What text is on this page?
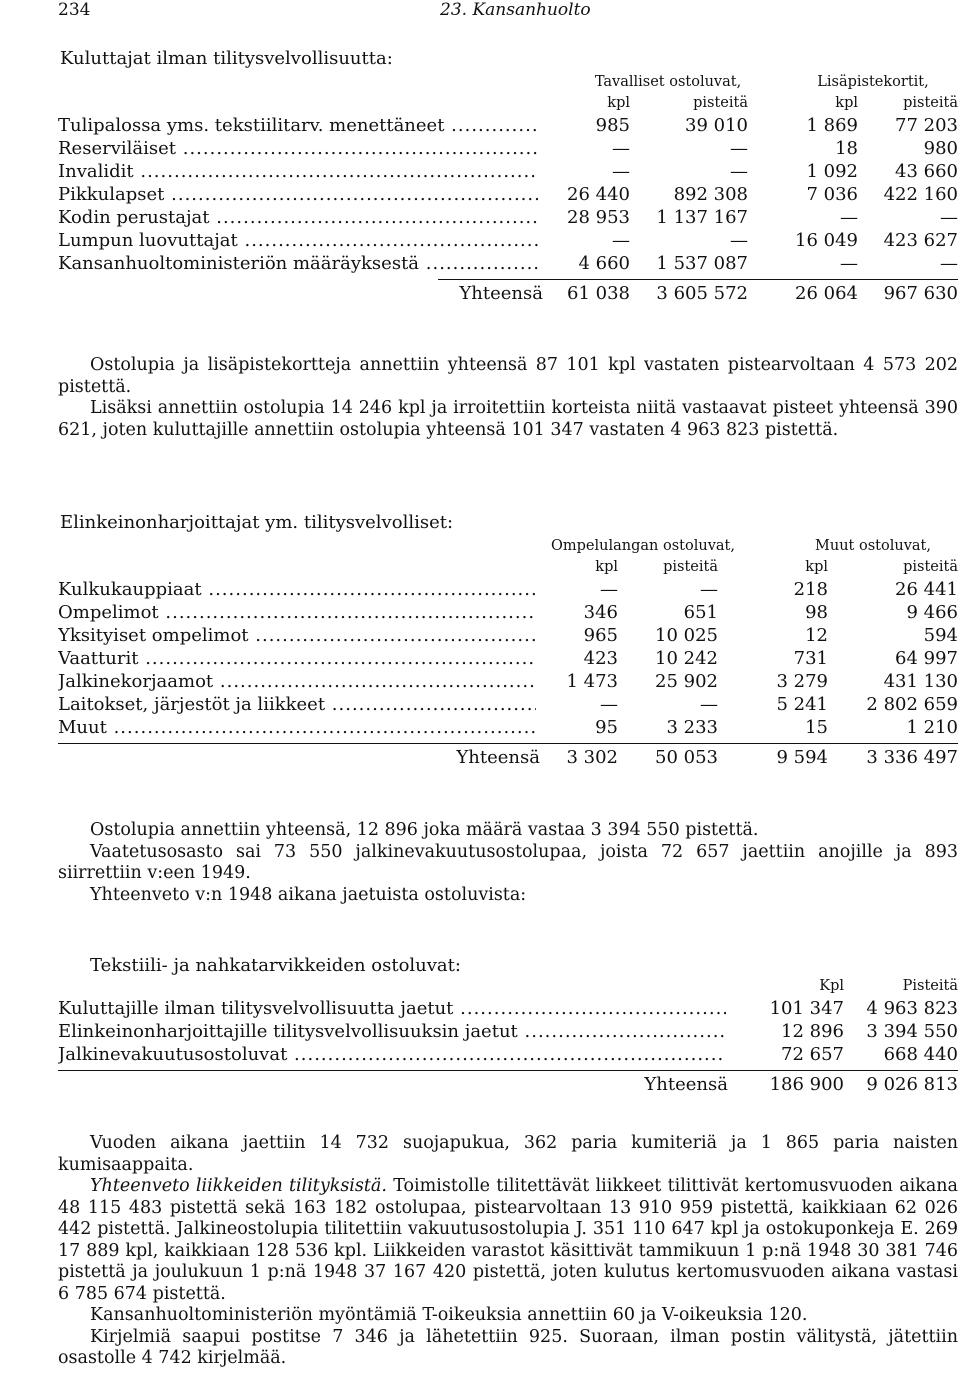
234	23. Kansanhuolto
Kuluttajat ilman tilitysvelvollisuutta:
Tavalliset ostoluvat,	Lisäpistekortit,
kpl	pisteitä	kpl	pisteitä
Tulipalossa yms. tekstiilitarv. menettäneet .....	985	39 010	1 869	77 203
Reserviläiset .....	—	—	18	980
Invalidit .....	—	—	1 092	43 660
Pikkulapset .....	26 440	892 308	7 036	422 160
Kodin perustajat .....	28 953	1 137 167	—	—
Lumpun luovuttajat .....	—	—	16 049	423 627
Kansanhuoltoministeriön määräyksestä .....	4 660	1 537 087	—	—
Yhteensä	61 038	3 605 572	26 064	967 630

Ostolupia ja lisäpistekortteja annettiin yhteensä 87 101 kpl vastaten pistearvoltaan 4 573 202 pistettä.

Lisäksi annettiin ostolupia 14 246 kpl ja irroitettiin korteista niitä vastaavat pisteet yhteensä 390 621, joten kuluttajille annettiin ostolupia yhteensä 101 347 vastaten 4 963 823 pistettä.

Elinkeinonharjoittajat ym. tilitysvelvolliset:
Ompelulangan ostoluvat,	Muut ostoluvat,
kpl	pisteitä	kpl	pisteitä
Kulkukauppiaat .....	—	—	218	26 441
Ompelimot .....	346	651	98	9 466
Yksityiset ompelimot .....	965	10 025	12	594
Vaatturit .....	423	10 242	731	64 997
Jalkinekorjaamot .....	1 473	25 902	3 279	431 130
Laitokset, järjestöt ja liikkeet .....	—	—	5 241	2 802 659
Muut .....	95	3 233	15	1 210
Yhteensä	3 302	50 053	9 594	3 336 497

Ostolupia annettiin yhteensä, 12 896 joka määrä vastaa 3 394 550 pistettä.

Vaatetusosasto sai 73 550 jalkinevakuutusostolupaa, joista 72 657 jaettiin anojille ja 893 siirrettiin v:een 1949.

Yhteenveto v:n 1948 aikana jaetuista ostoluvista:

Tekstiili- ja nahkatarvikkeiden ostoluvat:
Kpl	Pisteitä
Kuluttajille ilman tilitysvelvollisuutta jaetut .....	101 347	4 963 823
Elinkeinonharjoittajille tilitysvelvollisuuksin jaetut .....	12 896	3 394 550
Jalkinevakuutusostoluvat .....	72 657	668 440
Yhteensä	186 900	9 026 813

Vuoden aikana jaettiin 14 732 suojapukua, 362 paria kumiteriä ja 1 865 paria naisten kumisaappaita.

Yhteenveto liikkeiden tilityksistä. Toimistolle tilitettävät liikkeet tilittivät kertomusvuoden aikana 48 115 483 pistettä sekä 163 182 ostolupaa, pistearvoltaan 13 910 959 pistettä, kaikkiaan 62 026 442 pistettä. Jalkineostolupia tilitettiin vakuutusostolupia J. 351 110 647 kpl ja ostokuponkeja E. 269 17 889 kpl, kaikkiaan 128 536 kpl. Liikkeiden varastot käsittivät tammikuun 1 p:nä 1948 30 381 746 pistettä ja joulukuun 1 p:nä 1948 37 167 420 pistettä, joten kulutus kertomusvuoden aikana vastasi 6 785 674 pistettä.

Kansanhuoltoministeriön myöntämiä T-oikeuksia annettiin 60 ja V-oikeuksia 120.

Kirjelmiä saapui postitse 7 346 ja lähetettiin 925. Suoraan, ilman postin välitystä, jätettiin osastolle 4 742 kirjelmää.
